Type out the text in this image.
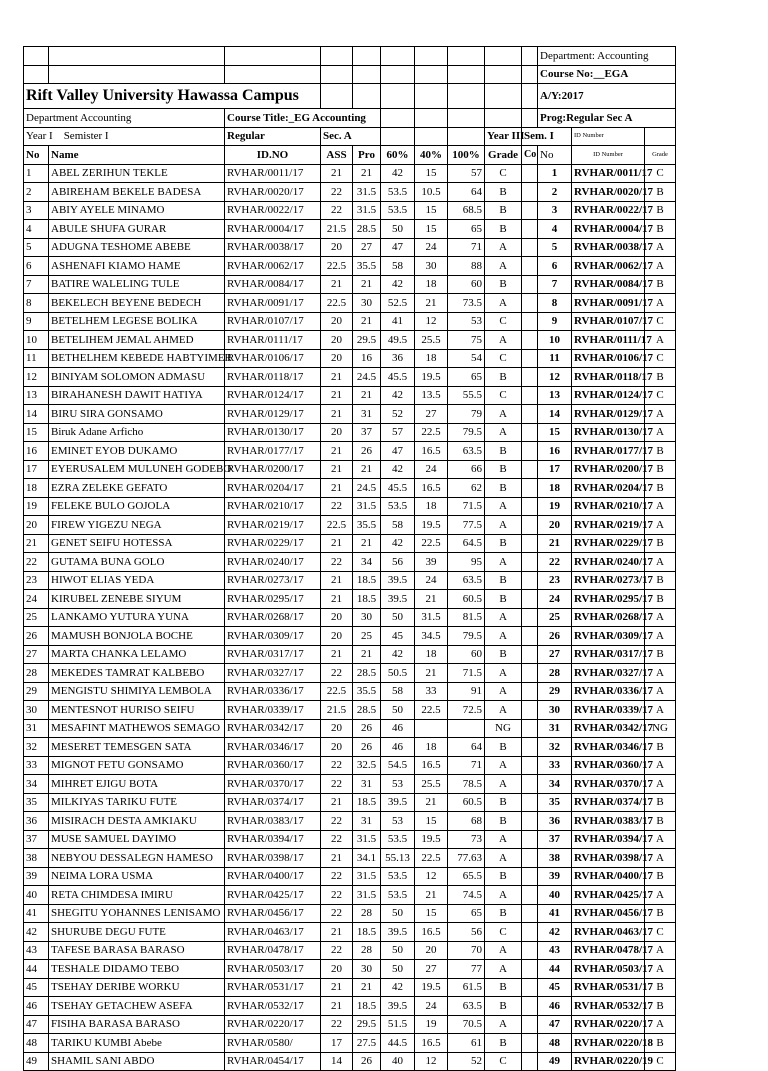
										Department: Accounting		
										Course No:__EGA		
Rift Valley University Hawassa Campus										A/Y:2017		
Department Accounting		Course Title:_EG Accounting								Prog:Regular Sec A		
Year I Semister I		Regular	Sec. A					Year III	Sem. I		ID Number	
No	Name	ID.NO	ASS	Pro	60%	40%	100%	Grade	Co	No	ID Number	Grade
1	ABEL ZERIHUN TEKLE	RVHAR/0011/17	21	21	42	15	57	C		1	RVHAR/0011/17	C
2	ABIREHAM BEKELE BADESA	RVHAR/0020/17	22	31.5	53.5	10.5	64	B		2	RVHAR/0020/17	B
3	ABIY AYELE MINAMO	RVHAR/0022/17	22	31.5	53.5	15	68.5	B		3	RVHAR/0022/17	B
4	ABULE SHUFA GURAR	RVHAR/0004/17	21.5	28.5	50	15	65	B		4	RVHAR/0004/17	B
5	ADUGNA TESHOME ABEBE	RVHAR/0038/17	20	27	47	24	71	A		5	RVHAR/0038/17	A
6	ASHENAFI KIAMO HAME	RVHAR/0062/17	22.5	35.5	58	30	88	A		6	RVHAR/0062/17	A
7	BATIRE WALELING TULE	RVHAR/0084/17	21	21	42	18	60	B		7	RVHAR/0084/17	B
8	BEKELECH BEYENE BEDECH	RVHAR/0091/17	22.5	30	52.5	21	73.5	A		8	RVHAR/0091/17	A
9	BETELHEM LEGESE BOLIKA	RVHAR/0107/17	20	21	41	12	53	C		9	RVHAR/0107/17	C
10	BETELIHEM JEMAL AHMED	RVHAR/0111/17	20	29.5	49.5	25.5	75	A		10	RVHAR/0111/17	A
11	BETHELHEM KEBEDE HABTYIMER	RVHAR/0106/17	20	16	36	18	54	C		11	RVHAR/0106/17	C
12	BINIYAM SOLOMON ADMASU	RVHAR/0118/17	21	24.5	45.5	19.5	65	B		12	RVHAR/0118/17	B
13	BIRAHANESH DAWIT HATIYA	RVHAR/0124/17	21	21	42	13.5	55.5	C		13	RVHAR/0124/17	C
14	BIRU SIRA GONSAMO	RVHAR/0129/17	21	31	52	27	79	A		14	RVHAR/0129/17	A
15	Biruk Adane Arficho	RVHAR/0130/17	20	37	57	22.5	79.5	A		15	RVHAR/0130/17	A
16	EMINET EYOB DUKAMO	RVHAR/0177/17	21	26	47	16.5	63.5	B		16	RVHAR/0177/17	B
17	EYERUSALEM MULUNEH GODEBO	RVHAR/0200/17	21	21	42	24	66	B		17	RVHAR/0200/17	B
18	EZRA ZELEKE GEFATO	RVHAR/0204/17	21	24.5	45.5	16.5	62	B		18	RVHAR/0204/17	B
19	FELEKE BULO GOJOLA	RVHAR/0210/17	22	31.5	53.5	18	71.5	A		19	RVHAR/0210/17	A
20	FIREW YIGEZU NEGA	RVHAR/0219/17	22.5	35.5	58	19.5	77.5	A		20	RVHAR/0219/17	A
21	GENET SEIFU HOTESSA	RVHAR/0229/17	21	21	42	22.5	64.5	B		21	RVHAR/0229/17	B
22	GUTAMA BUNA GOLO	RVHAR/0240/17	22	34	56	39	95	A		22	RVHAR/0240/17	A
23	HIWOT ELIAS YEDA	RVHAR/0273/17	21	18.5	39.5	24	63.5	B		23	RVHAR/0273/17	B
24	KIRUBEL ZENEBE SIYUM	RVHAR/0295/17	21	18.5	39.5	21	60.5	B		24	RVHAR/0295/17	B
25	LANKAMO YUTURA YUNA	RVHAR/0268/17	20	30	50	31.5	81.5	A		25	RVHAR/0268/17	A
26	MAMUSH BONJOLA BOCHE	RVHAR/0309/17	20	25	45	34.5	79.5	A		26	RVHAR/0309/17	A
27	MARTA CHANKA LELAMO	RVHAR/0317/17	21	21	42	18	60	B		27	RVHAR/0317/17	B
28	MEKEDES TAMRAT KALBEBO	RVHAR/0327/17	22	28.5	50.5	21	71.5	A		28	RVHAR/0327/17	A
29	MENGISTU SHIMIYA LEMBOLA	RVHAR/0336/17	22.5	35.5	58	33	91	A		29	RVHAR/0336/17	A
30	MENTESNOT HURISO SEIFU	RVHAR/0339/17	21.5	28.5	50	22.5	72.5	A		30	RVHAR/0339/17	A
31	MESAFINT MATHEWOS SEMAGO	RVHAR/0342/17	20	26	46			NG		31	RVHAR/0342/17	NG
32	MESERET TEMESGEN SATA	RVHAR/0346/17	20	26	46	18	64	B		32	RVHAR/0346/17	B
33	MIGNOT FETU GONSAMO	RVHAR/0360/17	22	32.5	54.5	16.5	71	A		33	RVHAR/0360/17	A
34	MIHRET EJIGU BOTA	RVHAR/0370/17	22	31	53	25.5	78.5	A		34	RVHAR/0370/17	A
35	MILKIYAS TARIKU FUTE	RVHAR/0374/17	21	18.5	39.5	21	60.5	B		35	RVHAR/0374/17	B
36	MISIRACH DESTA AMKIAKU	RVHAR/0383/17	22	31	53	15	68	B		36	RVHAR/0383/17	B
37	MUSE SAMUEL DAYIMO	RVHAR/0394/17	22	31.5	53.5	19.5	73	A		37	RVHAR/0394/17	A
38	NEBYOU DESSALEGN HAMESO	RVHAR/0398/17	21	34.1	55.13	22.5	77.63	A		38	RVHAR/0398/17	A
39	NEIMA LORA USMA	RVHAR/0400/17	22	31.5	53.5	12	65.5	B		39	RVHAR/0400/17	B
40	RETA CHIMDESA IMIRU	RVHAR/0425/17	22	31.5	53.5	21	74.5	A		40	RVHAR/0425/17	A
41	SHEGITU YOHANNES LENISAMO	RVHAR/0456/17	22	28	50	15	65	B		41	RVHAR/0456/17	B
42	SHURUBE DEGU FUTE	RVHAR/0463/17	21	18.5	39.5	16.5	56	C		42	RVHAR/0463/17	C
43	TAFESE BARASA BARASO	RVHAR/0478/17	22	28	50	20	70	A		43	RVHAR/0478/17	A
44	TESHALE DIDAMO TEBO	RVHAR/0503/17	20	30	50	27	77	A		44	RVHAR/0503/17	A
45	TSEHAY DERIBE WORKU	RVHAR/0531/17	21	21	42	19.5	61.5	B		45	RVHAR/0531/17	B
46	TSEHAY GETACHEW ASEFA	RVHAR/0532/17	21	18.5	39.5	24	63.5	B		46	RVHAR/0532/17	B
47	FISIHA BARASA BARASO	RVHAR/0220/17	22	29.5	51.5	19	70.5	A		47	RVHAR/0220/17	A
48	TARIKU KUMBI Abebe	RVHAR/0580/	17	27.5	44.5	16.5	61	B		48	RVHAR/0220/18	B
49	SHAMIL SANI ABDO	RVHAR/0454/17	14	26	40	12	52	C		49	RVHAR/0220/19	C
